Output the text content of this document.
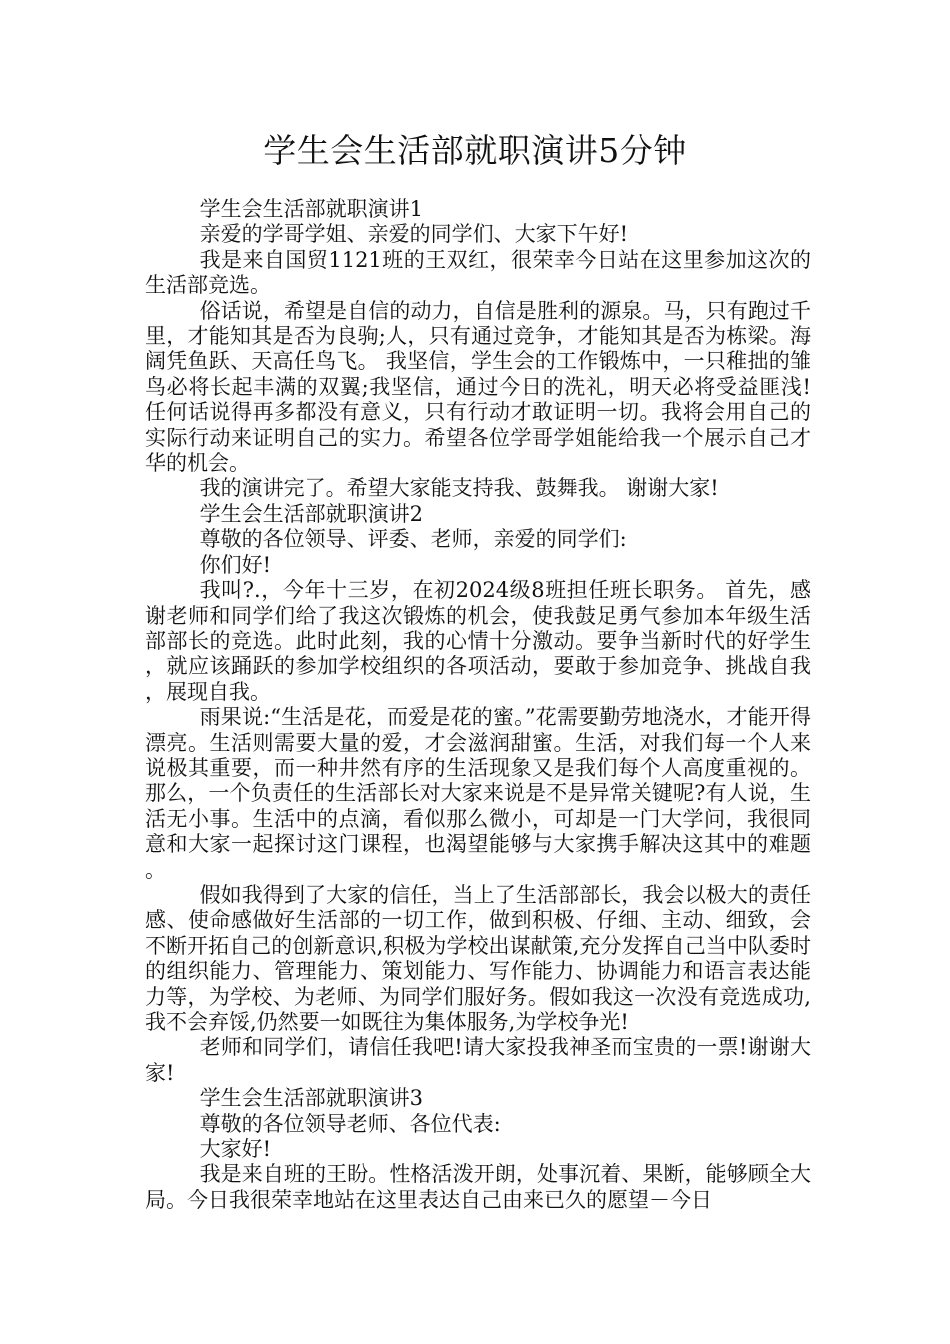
学生会生活部就职演讲5分钟

学生会生活部就职演讲1

亲爱的学哥学姐、亲爱的同学们、大家下午好!

我是来自国贸1121班的王双红，很荣幸今日站在这里参加这次的生活部竞选。

俗话说，希望是自信的动力，自信是胜利的源泉。马，只有跑过千里，才能知其是否为良驹;人，只有通过竞争，才能知其是否为栋梁。海阔凭鱼跃、天高任鸟飞。 我坚信，学生会的工作锻炼中，一只稚拙的雏鸟必将长起丰满的双翼;我坚信，通过今日的洗礼，明天必将受益匪浅!任何话说得再多都没有意义，只有行动才敢证明一切。我将会用自己的实际行动来证明自己的实力。希望各位学哥学姐能给我一个展示自己才华的机会。

我的演讲完了。希望大家能支持我、鼓舞我。 谢谢大家!

学生会生活部就职演讲2

尊敬的各位领导、评委、老师，亲爱的同学们:

你们好!

我叫?.，今年十三岁，在初2024级8班担任班长职务。 首先，感谢老师和同学们给了我这次锻炼的机会，使我鼓足勇气参加本年级生活部部长的竞选。此时此刻，我的心情十分激动。要争当新时代的好学生，就应该踊跃的参加学校组织的各项活动，要敢于参加竞争、挑战自我，展现自我。

雨果说:“生活是花，而爱是花的蜜。”花需要勤劳地浇水，才能开得漂亮。生活则需要大量的爱，才会滋润甜蜜。生活，对我们每一个人来说极其重要，而一种井然有序的生活现象又是我们每个人高度重视的。那么，一个负责任的生活部长对大家来说是不是异常关键呢?有人说，生活无小事。生活中的点滴，看似那么微小，可却是一门大学问，我很同意和大家一起探讨这门课程，也渴望能够与大家携手解决这其中的难题。

假如我得到了大家的信任，当上了生活部部长，我会以极大的责任感、使命感做好生活部的一切工作，做到积极、仔细、主动、细致，会不断开拓自己的创新意识,积极为学校出谋献策,充分发挥自己当中队委时的组织能力、管理能力、策划能力、写作能力、协调能力和语言表达能力等，为学校、为老师、为同学们服好务。假如我这一次没有竞选成功,我不会弃馁,仍然要一如既往为集体服务,为学校争光!

老师和同学们，请信任我吧!请大家投我神圣而宝贵的一票!谢谢大家!

学生会生活部就职演讲3

尊敬的各位领导老师、各位代表:

大家好!

我是来自班的王盼。性格活泼开朗，处事沉着、果断，能够顾全大局。今日我很荣幸地站在这里表达自己由来已久的愿望－今日
